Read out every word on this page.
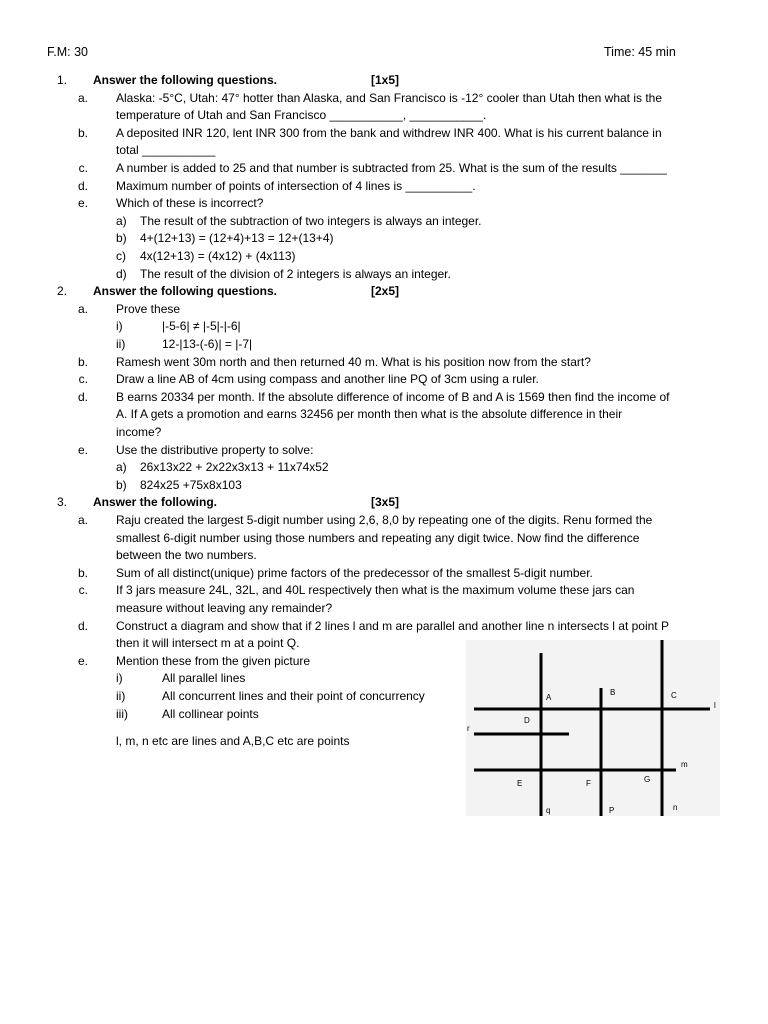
F.M: 30	Time: 45 min
1. Answer the following questions.	[1x5]
a. Alaska: -5°C, Utah: 47° hotter than Alaska, and San Francisco is -12° cooler than Utah then what is the
temperature of Utah and San Francisco ___________, ___________.
b. A deposited INR 120, lent INR 300 from the bank and withdrew INR 400. What is his current balance in
total ___________
c. A number is added to 25 and that number is subtracted from 25. What is the sum of the results _______
d. Maximum number of points of intersection of 4 lines is __________.
e. Which of these is incorrect?
a) The result of the subtraction of two integers is always an integer.
b) 4+(12+13) = (12+4)+13 = 12+(13+4)
c) 4x(12+13) = (4x12) + (4x113)
d) The result of the division of 2 integers is always an integer.
2. Answer the following questions.	[2x5]
a. Prove these
i)	|-5-6| ≠ |-5|-|-6|
ii)	12-|13-(-6)| = |-7|
b. Ramesh went 30m north and then returned 40 m. What is his position now from the start?
c. Draw a line AB of 4cm using compass and another line PQ of 3cm using a ruler.
d. B earns 20334 per month. If the absolute difference of income of B and A is 1569 then find the income of
A. If A gets a promotion and earns 32456 per month then what is the absolute difference in their
income?
e. Use the distributive property to solve:
a) 26x13x22 + 2x22x3x13 + 11x74x52
b) 824x25 +75x8x103
3. Answer the following.	[3x5]
a. Raju created the largest 5-digit number using 2,6, 8,0 by repeating one of the digits. Renu formed the
smallest 6-digit number using those numbers and repeating any digit twice. Now find the difference
between the two numbers.
b. Sum of all distinct(unique) prime factors of the predecessor of the smallest 5-digit number.
c. If 3 jars measure 24L, 32L, and 40L respectively then what is the maximum volume these jars can
measure without leaving any remainder?
d. Construct a diagram and show that if 2 lines l and m are parallel and another line n intersects l at point P
then it will intersect m at a point Q.
e. Mention these from the given picture
i)	All parallel lines
ii)	All concurrent lines and their point of concurrency
iii)	All collinear points
l, m, n etc are lines and A,B,C etc are points
A
B	C
l
D
r
m
E	F	G
q	P	n
